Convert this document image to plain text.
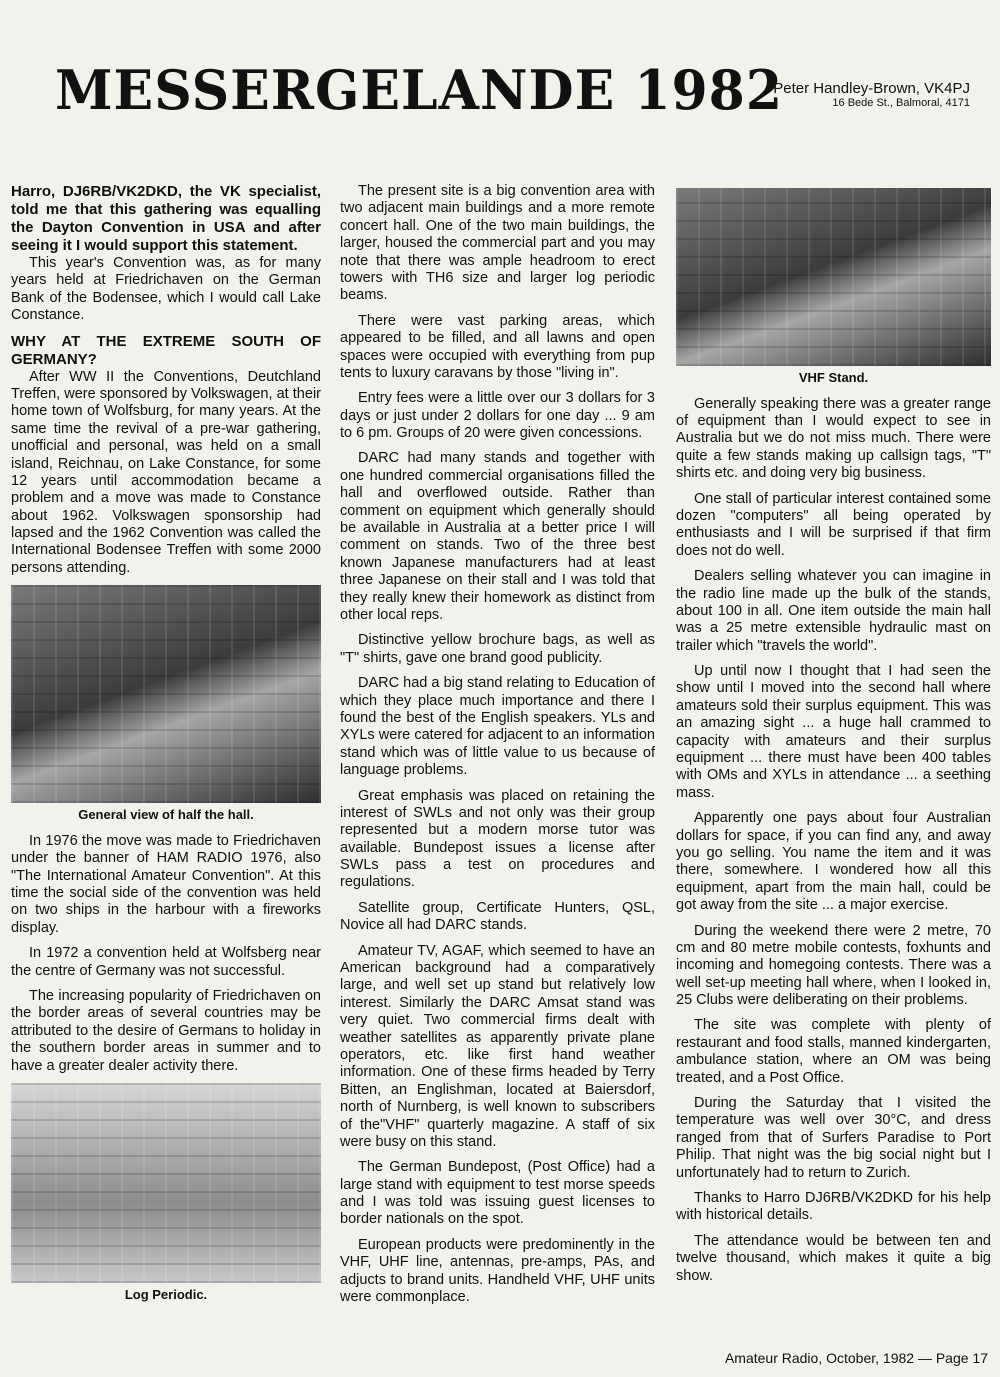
MESSERGELANDE 1982
Peter Handley-Brown, VK4PJ
16 Bede St., Balmoral, 4171

Harro, DJ6RB/VK2DKD, the VK specialist, told me that this gathering was equalling the Dayton Convention in USA and after seeing it I would support this statement.

This year's Convention was, as for many years held at Friedrichaven on the German Bank of the Bodensee, which I would call Lake Constance.

WHY AT THE EXTREME SOUTH OF GERMANY?

After WW II the Conventions, Deutchland Treffen, were sponsored by Volkswagen, at their home town of Wolfsburg, for many years. At the same time the revival of a pre-war gathering, unofficial and personal, was held on a small island, Reichnau, on Lake Constance, for some 12 years until accommodation became a problem and a move was made to Constance about 1962. Volkswagen sponsorship had lapsed and the 1962 Convention was called the International Bodensee Treffen with some 2000 persons attending.

General view of half the hall.

In 1976 the move was made to Friedrichaven under the banner of HAM RADIO 1976, also "The International Amateur Convention". At this time the social side of the convention was held on two ships in the harbour with a fireworks display.

In 1972 a convention held at Wolfsberg near the centre of Germany was not successful.

The increasing popularity of Friedrichaven on the border areas of several countries may be attributed to the desire of Germans to holiday in the southern border areas in summer and to have a greater dealer activity there.

Log Periodic.

The present site is a big convention area with two adjacent main buildings and a more remote concert hall. One of the two main buildings, the larger, housed the commercial part and you may note that there was ample headroom to erect towers with TH6 size and larger log periodic beams.

There were vast parking areas, which appeared to be filled, and all lawns and open spaces were occupied with everything from pup tents to luxury caravans by those "living in".

Entry fees were a little over our 3 dollars for 3 days or just under 2 dollars for one day ... 9 am to 6 pm. Groups of 20 were given concessions.

DARC had many stands and together with one hundred commercial organisations filled the hall and overflowed outside. Rather than comment on equipment which generally should be available in Australia at a better price I will comment on stands. Two of the three best known Japanese manufacturers had at least three Japanese on their stall and I was told that they really knew their homework as distinct from other local reps.

Distinctive yellow brochure bags, as well as "T" shirts, gave one brand good publicity.

DARC had a big stand relating to Education of which they place much importance and there I found the best of the English speakers. YLs and XYLs were catered for adjacent to an information stand which was of little value to us because of language problems.

Great emphasis was placed on retaining the interest of SWLs and not only was their group represented but a modern morse tutor was available. Bundepost issues a license after SWLs pass a test on procedures and regulations.

Satellite group, Certificate Hunters, QSL, Novice all had DARC stands.

Amateur TV, AGAF, which seemed to have an American background had a comparatively large, and well set up stand but relatively low interest. Similarly the DARC Amsat stand was very quiet. Two commercial firms dealt with weather satellites as apparently private plane operators, etc. like first hand weather information. One of these firms headed by Terry Bitten, an Englishman, located at Baiersdorf, north of Nurnberg, is well known to subscribers of the"VHF" quarterly magazine. A staff of six were busy on this stand.

The German Bundepost, (Post Office) had a large stand with equipment to test morse speeds and I was told was issuing guest licenses to border nationals on the spot.

European products were predominently in the VHF, UHF line, antennas, pre-amps, PAs, and adjucts to brand units. Handheld VHF, UHF units were commonplace.

VHF Stand.

Generally speaking there was a greater range of equipment than I would expect to see in Australia but we do not miss much. There were quite a few stands making up callsign tags, "T" shirts etc. and doing very big business.

One stall of particular interest contained some dozen "computers" all being operated by enthusiasts and I will be surprised if that firm does not do well.

Dealers selling whatever you can imagine in the radio line made up the bulk of the stands, about 100 in all. One item outside the main hall was a 25 metre extensible hydraulic mast on trailer which "travels the world".

Up until now I thought that I had seen the show until I moved into the second hall where amateurs sold their surplus equipment. This was an amazing sight ... a huge hall crammed to capacity with amateurs and their surplus equipment ... there must have been 400 tables with OMs and XYLs in attendance ... a seething mass.

Apparently one pays about four Australian dollars for space, if you can find any, and away you go selling. You name the item and it was there, somewhere. I wondered how all this equipment, apart from the main hall, could be got away from the site ... a major exercise.

During the weekend there were 2 metre, 70 cm and 80 metre mobile contests, foxhunts and incoming and homegoing contests. There was a well set-up meeting hall where, when I looked in, 25 Clubs were deliberating on their problems.

The site was complete with plenty of restaurant and food stalls, manned kindergarten, ambulance station, where an OM was being treated, and a Post Office.

During the Saturday that I visited the temperature was well over 30°C, and dress ranged from that of Surfers Paradise to Port Philip. That night was the big social night but I unfortunately had to return to Zurich.

Thanks to Harro DJ6RB/VK2DKD for his help with historical details.

The attendance would be between ten and twelve thousand, which makes it quite a big show.

Amateur Radio, October, 1982 — Page 17
